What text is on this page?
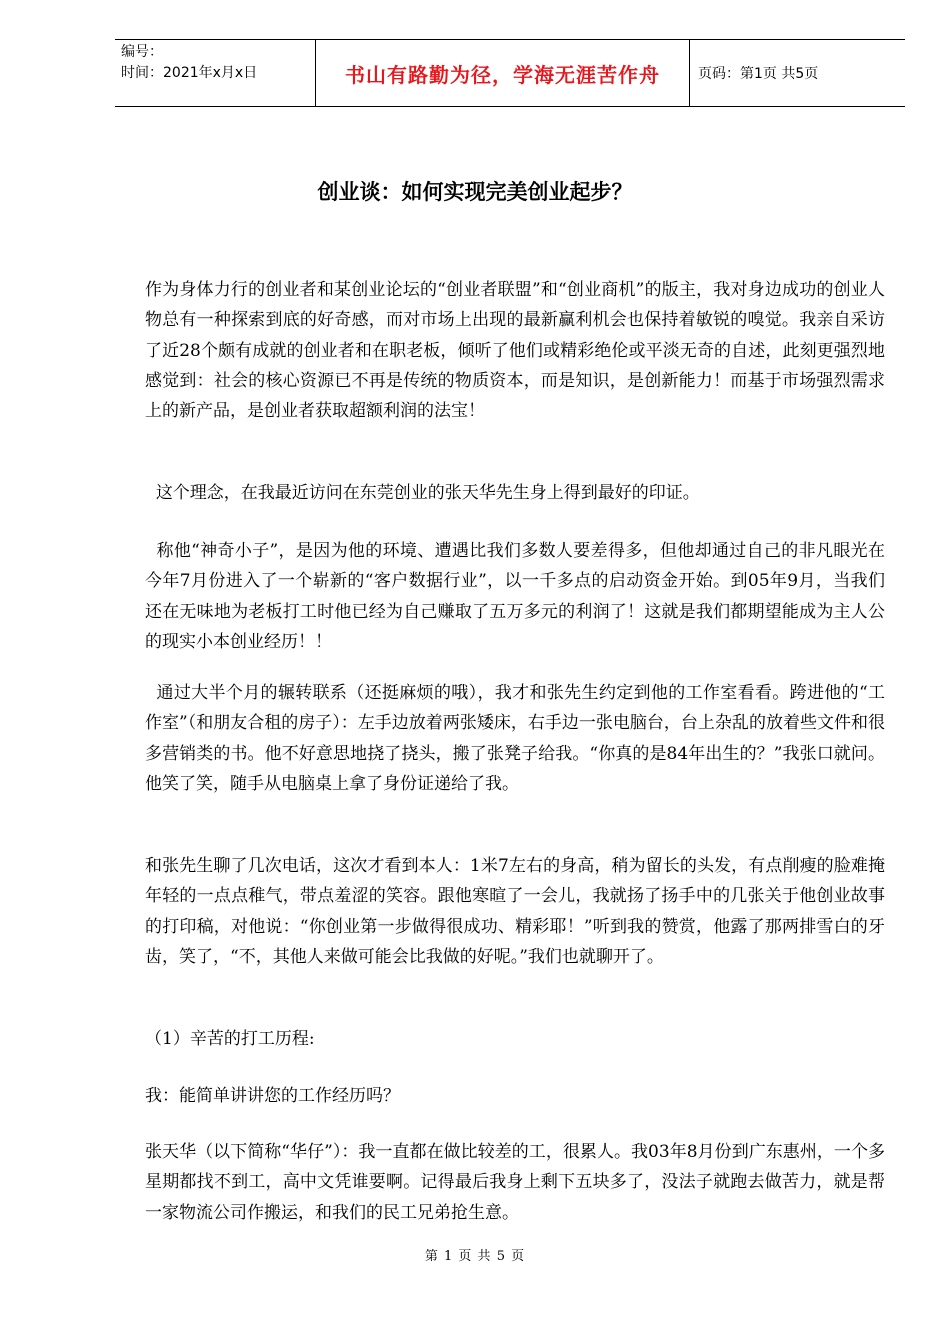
编号：
时间：2021年x月x日	书山有路勤为径，学海无涯苦作舟	页码：第1页 共5页
创业谈：如何实现完美创业起步？

作为身体力行的创业者和某创业论坛的“创业者联盟”和“创业商机”的版主，我对身边成功的创业人物总有一种探索到底的好奇感，而对市场上出现的最新赢利机会也保持着敏锐的嗅觉。我亲自采访了近28个颇有成就的创业者和在职老板，倾听了他们或精彩绝伦或平淡无奇的自述，此刻更强烈地感觉到：社会的核心资源已不再是传统的物质资本，而是知识，是创新能力！而基于市场强烈需求上的新产品，是创业者获取超额利润的法宝！

这个理念，在我最近访问在东莞创业的张天华先生身上得到最好的印证。

称他“神奇小子”，是因为他的环境、遭遇比我们多数人要差得多，但他却通过自己的非凡眼光在今年7月份进入了一个崭新的“客户数据行业”，以一千多点的启动资金开始。到05年9月，当我们还在无味地为老板打工时他已经为自己赚取了五万多元的利润了！这就是我们都期望能成为主人公的现实小本创业经历！！

通过大半个月的辗转联系（还挺麻烦的哦），我才和张先生约定到他的工作室看看。跨进他的“工作室”（和朋友合租的房子）：左手边放着两张矮床，右手边一张电脑台，台上杂乱的放着些文件和很多营销类的书。他不好意思地挠了挠头，搬了张凳子给我。“你真的是84年出生的？”我张口就问。他笑了笑，随手从电脑桌上拿了身份证递给了我。

和张先生聊了几次电话，这次才看到本人：1米7左右的身高，稍为留长的头发，有点削瘦的脸难掩年轻的一点点稚气，带点羞涩的笑容。跟他寒暄了一会儿，我就扬了扬手中的几张关于他创业故事的打印稿，对他说：“你创业第一步做得很成功、精彩耶！”听到我的赞赏，他露了那两排雪白的牙齿，笑了，“不，其他人来做可能会比我做的好呢。”我们也就聊开了。

（1）辛苦的打工历程:

我：能简单讲讲您的工作经历吗？

张天华（以下简称“华仔”）：我一直都在做比较差的工，很累人。我03年8月份到广东惠州，一个多星期都找不到工，高中文凭谁要啊。记得最后我身上剩下五块多了，没法子就跑去做苦力，就是帮一家物流公司作搬运，和我们的民工兄弟抢生意。

第 1 页 共 5 页
